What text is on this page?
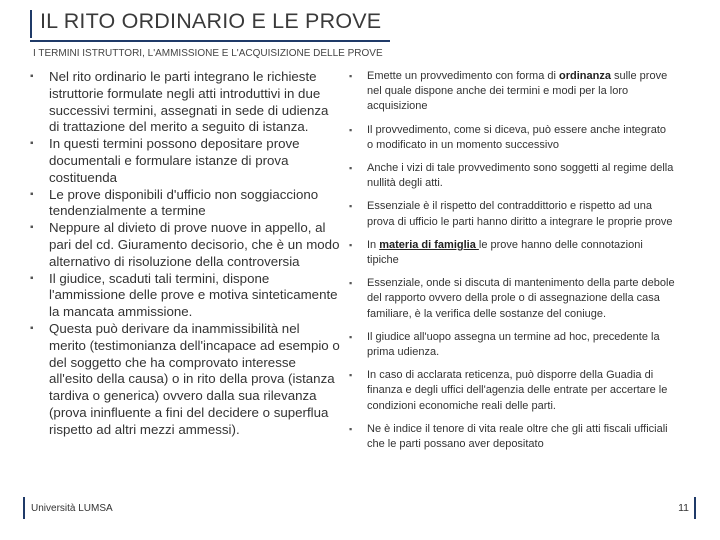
IL RITO ORDINARIO E LE PROVE
I TERMINI ISTRUTTORI, L'AMMISSIONE E L'ACQUISIZIONE DELLE PROVE
▪ Nel rito ordinario le parti integrano le richieste istruttorie formulate negli atti introduttivi in due successivi termini, assegnati in sede di udienza di trattazione del merito a seguito di istanza.
▪ In questi termini possono depositare prove documentali e formulare istanze di prova costituenda
▪ Le prove disponibili d'ufficio non soggiacciono tendenzialmente a termine
▪ Neppure al divieto di prove nuove in appello, al pari del cd. Giuramento decisorio, che è un modo alternativo di risoluzione della controversia
▪ Il giudice, scaduti tali termini, dispone l'ammissione delle prove e motiva sinteticamente la mancata ammissione.
▪ Questa può derivare da inammissibilità nel merito (testimonianza dell'incapace ad esempio o del soggetto che ha comprovato interesse all'esito della causa) o in rito della prova (istanza tardiva o generica) ovvero dalla sua rilevanza (prova ininfluente a fini del decidere o superflua rispetto ad altri mezzi ammessi).
▪ Emette un provvedimento con forma di ordinanza sulle prove nel quale dispone anche dei termini e modi per la loro acquisizione
▪ Il provvedimento, come si diceva, può essere anche integrato o modificato in un momento successivo
▪ Anche i vizi di tale provvedimento sono soggetti al regime della nullità degli atti.
▪ Essenziale è il rispetto del contraddittorio e rispetto ad una prova di ufficio le parti hanno diritto a integrare le proprie prove
▪ In materia di famiglia le prove hanno delle connotazioni tipiche
▪ Essenziale, onde si discuta di mantenimento della parte debole del rapporto ovvero della prole o di assegnazione della casa familiare, è la verifica delle sostanze del coniuge.
▪ Il giudice all'uopo assegna un termine ad hoc, precedente la prima udienza.
▪ In caso di acclarata reticenza, può disporre della Guadia di finanza e degli uffici dell'agenzia delle entrate per accertare le condizioni economiche reali delle parti.
▪ Ne è indice il tenore di vita reale oltre che gli atti fiscali ufficiali che le parti possano aver depositato
Università LUMSA	11
